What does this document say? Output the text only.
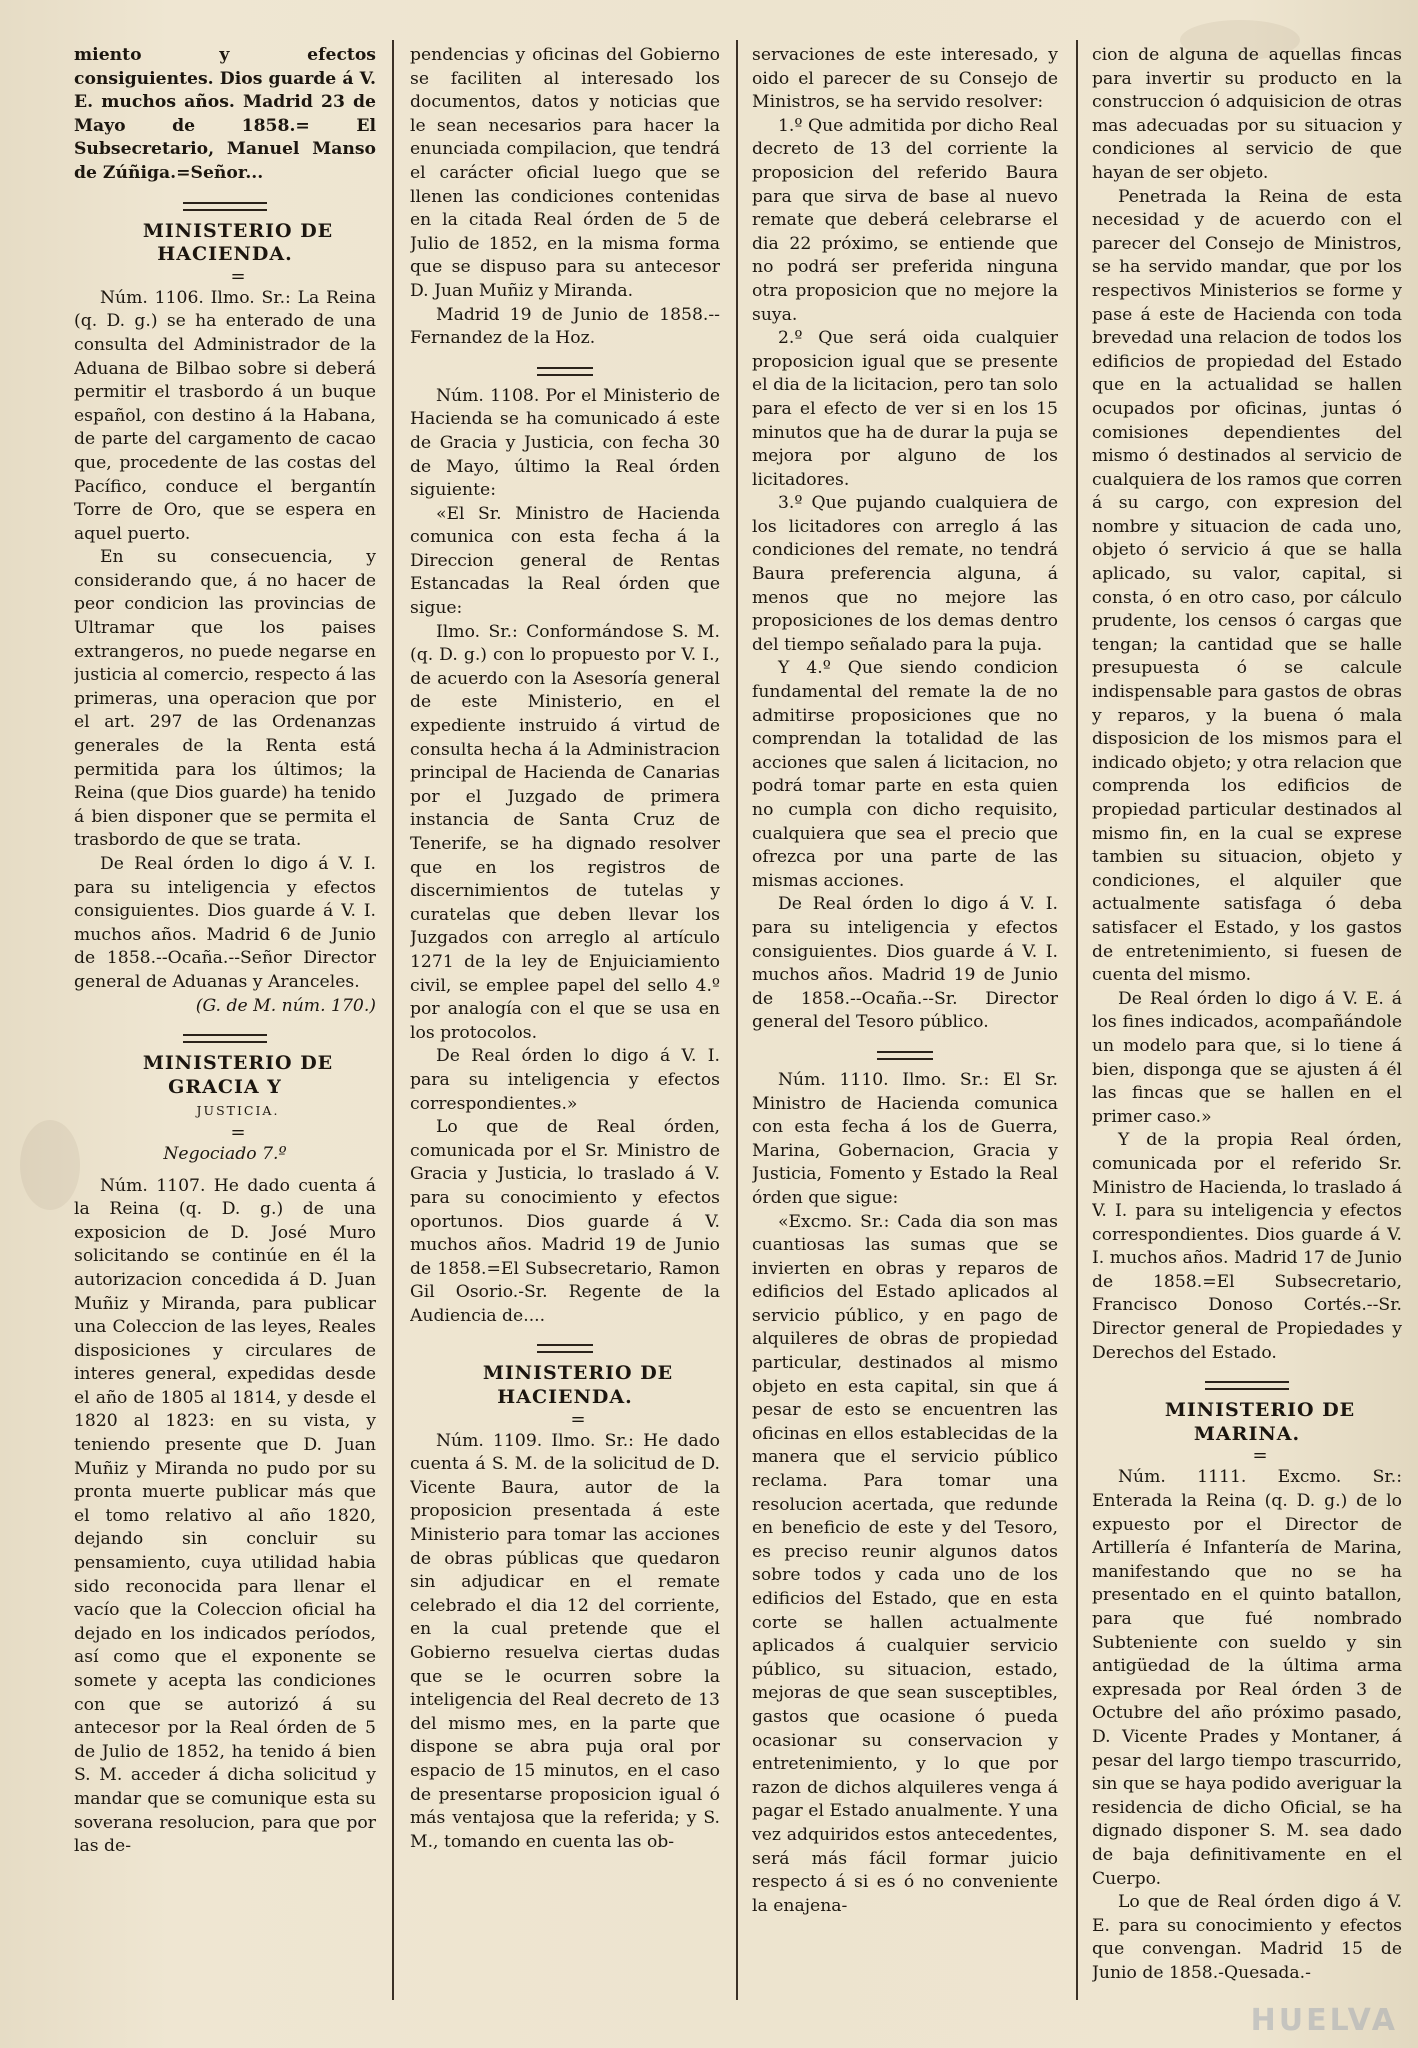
miento y efectos consiguientes. Dios guarde á V. E. muchos años. Madrid 23 de Mayo de 1858.= El Subsecretario, Manuel Manso de Zúñiga.=Señor...

MINISTERIO DE HACIENDA.

=

Núm. 1106. Ilmo. Sr.: La Reina (q. D. g.) se ha enterado de una consulta del Administrador de la Aduana de Bilbao sobre si deberá permitir el trasbordo á un buque español, con destino á la Habana, de parte del cargamento de cacao que, procedente de las costas del Pacífico, conduce el bergantín Torre de Oro, que se espera en aquel puerto.

En su consecuencia, y considerando que, á no hacer de peor condicion las provincias de Ultramar que los paises extrangeros, no puede negarse en justicia al comercio, respecto á las primeras, una operacion que por el art. 297 de las Ordenanzas generales de la Renta está permitida para los últimos; la Reina (que Dios guarde) ha tenido á bien disponer que se permita el trasbordo de que se trata.

De Real órden lo digo á V. I. para su inteligencia y efectos consiguientes. Dios guarde á V. I. muchos años. Madrid 6 de Junio de 1858.--Ocaña.--Señor Director general de Aduanas y Aranceles.

(G. de M. núm. 170.)

MINISTERIO DE GRACIA Y

JUSTICIA.

=

Negociado 7.º

Núm. 1107. He dado cuenta á la Reina (q. D. g.) de una exposicion de D. José Muro solicitando se continúe en él la autorizacion concedida á D. Juan Muñiz y Miranda, para publicar una Coleccion de las leyes, Reales disposiciones y circulares de interes general, expedidas desde el año de 1805 al 1814, y desde el 1820 al 1823: en su vista, y teniendo presente que D. Juan Muñiz y Miranda no pudo por su pronta muerte publicar más que el tomo relativo al año 1820, dejando sin concluir su pensamiento, cuya utilidad habia sido reconocida para llenar el vacío que la Coleccion oficial ha dejado en los indicados períodos, así como que el exponente se somete y acepta las condiciones con que se autorizó á su antecesor por la Real órden de 5 de Julio de 1852, ha tenido á bien S. M. acceder á dicha solicitud y mandar que se comunique esta su soverana resolucion, para que por las de-

pendencias y oficinas del Gobierno se faciliten al interesado los documentos, datos y noticias que le sean necesarios para hacer la enunciada compilacion, que tendrá el carácter oficial luego que se llenen las condiciones contenidas en la citada Real órden de 5 de Julio de 1852, en la misma forma que se dispuso para su antecesor D. Juan Muñiz y Miranda.

Madrid 19 de Junio de 1858.--Fernandez de la Hoz.

Núm. 1108. Por el Ministerio de Hacienda se ha comunicado á este de Gracia y Justicia, con fecha 30 de Mayo, último la Real órden siguiente:

«El Sr. Ministro de Hacienda comunica con esta fecha á la Direccion general de Rentas Estancadas la Real órden que sigue:

Ilmo. Sr.: Conformándose S. M. (q. D. g.) con lo propuesto por V. I., de acuerdo con la Asesoría general de este Ministerio, en el expediente instruido á virtud de consulta hecha á la Administracion principal de Hacienda de Canarias por el Juzgado de primera instancia de Santa Cruz de Tenerife, se ha dignado resolver que en los registros de discernimientos de tutelas y curatelas que deben llevar los Juzgados con arreglo al artículo 1271 de la ley de Enjuiciamiento civil, se emplee papel del sello 4.º por analogía con el que se usa en los protocolos.

De Real órden lo digo á V. I. para su inteligencia y efectos correspondientes.»

Lo que de Real órden, comunicada por el Sr. Ministro de Gracia y Justicia, lo traslado á V. para su conocimiento y efectos oportunos. Dios guarde á V. muchos años. Madrid 19 de Junio de 1858.=El Subsecretario, Ramon Gil Osorio.-Sr. Regente de la Audiencia de....

MINISTERIO DE HACIENDA.

=

Núm. 1109. Ilmo. Sr.: He dado cuenta á S. M. de la solicitud de D. Vicente Baura, autor de la proposicion presentada á este Ministerio para tomar las acciones de obras públicas que quedaron sin adjudicar en el remate celebrado el dia 12 del corriente, en la cual pretende que el Gobierno resuelva ciertas dudas que se le ocurren sobre la inteligencia del Real decreto de 13 del mismo mes, en la parte que dispone se abra puja oral por espacio de 15 minutos, en el caso de presentarse proposicion igual ó más ventajosa que la referida; y S. M., tomando en cuenta las ob-

servaciones de este interesado, y oido el parecer de su Consejo de Ministros, se ha servido resolver:

1.º Que admitida por dicho Real decreto de 13 del corriente la proposicion del referido Baura para que sirva de base al nuevo remate que deberá celebrarse el dia 22 próximo, se entiende que no podrá ser preferida ninguna otra proposicion que no mejore la suya.

2.º Que será oida cualquier proposicion igual que se presente el dia de la licitacion, pero tan solo para el efecto de ver si en los 15 minutos que ha de durar la puja se mejora por alguno de los licitadores.

3.º Que pujando cualquiera de los licitadores con arreglo á las condiciones del remate, no tendrá Baura preferencia alguna, á menos que no mejore las proposiciones de los demas dentro del tiempo señalado para la puja.

Y 4.º Que siendo condicion fundamental del remate la de no admitirse proposiciones que no comprendan la totalidad de las acciones que salen á licitacion, no podrá tomar parte en esta quien no cumpla con dicho requisito, cualquiera que sea el precio que ofrezca por una parte de las mismas acciones.

De Real órden lo digo á V. I. para su inteligencia y efectos consiguientes. Dios guarde á V. I. muchos años. Madrid 19 de Junio de 1858.--Ocaña.--Sr. Director general del Tesoro público.

Núm. 1110. Ilmo. Sr.: El Sr. Ministro de Hacienda comunica con esta fecha á los de Guerra, Marina, Gobernacion, Gracia y Justicia, Fomento y Estado la Real órden que sigue:

«Excmo. Sr.: Cada dia son mas cuantiosas las sumas que se invierten en obras y reparos de edificios del Estado aplicados al servicio público, y en pago de alquileres de obras de propiedad particular, destinados al mismo objeto en esta capital, sin que á pesar de esto se encuentren las oficinas en ellos establecidas de la manera que el servicio público reclama. Para tomar una resolucion acertada, que redunde en beneficio de este y del Tesoro, es preciso reunir algunos datos sobre todos y cada uno de los edificios del Estado, que en esta corte se hallen actualmente aplicados á cualquier servicio público, su situacion, estado, mejoras de que sean susceptibles, gastos que ocasione ó pueda ocasionar su conservacion y entretenimiento, y lo que por razon de dichos alquileres venga á pagar el Estado anualmente. Y una vez adquiridos estos antecedentes, será más fácil formar juicio respecto á si es ó no conveniente la enajena-

cion de alguna de aquellas fincas para invertir su producto en la construccion ó adquisicion de otras mas adecuadas por su situacion y condiciones al servicio de que hayan de ser objeto.

Penetrada la Reina de esta necesidad y de acuerdo con el parecer del Consejo de Ministros, se ha servido mandar, que por los respectivos Ministerios se forme y pase á este de Hacienda con toda brevedad una relacion de todos los edificios de propiedad del Estado que en la actualidad se hallen ocupados por oficinas, juntas ó comisiones dependientes del mismo ó destinados al servicio de cualquiera de los ramos que corren á su cargo, con expresion del nombre y situacion de cada uno, objeto ó servicio á que se halla aplicado, su valor, capital, si consta, ó en otro caso, por cálculo prudente, los censos ó cargas que tengan; la cantidad que se halle presupuesta ó se calcule indispensable para gastos de obras y reparos, y la buena ó mala disposicion de los mismos para el indicado objeto; y otra relacion que comprenda los edificios de propiedad particular destinados al mismo fin, en la cual se exprese tambien su situacion, objeto y condiciones, el alquiler que actualmente satisfaga ó deba satisfacer el Estado, y los gastos de entretenimiento, si fuesen de cuenta del mismo.

De Real órden lo digo á V. E. á los fines indicados, acompañándole un modelo para que, si lo tiene á bien, disponga que se ajusten á él las fincas que se hallen en el primer caso.»

Y de la propia Real órden, comunicada por el referido Sr. Ministro de Hacienda, lo traslado á V. I. para su inteligencia y efectos correspondientes. Dios guarde á V. I. muchos años. Madrid 17 de Junio de 1858.=El Subsecretario, Francisco Donoso Cortés.--Sr. Director general de Propiedades y Derechos del Estado.

MINISTERIO DE MARINA.

=

Núm. 1111. Excmo. Sr.: Enterada la Reina (q. D. g.) de lo expuesto por el Director de Artillería é Infantería de Marina, manifestando que no se ha presentado en el quinto batallon, para que fué nombrado Subteniente con sueldo y sin antigüedad de la última arma expresada por Real órden 3 de Octubre del año próximo pasado, D. Vicente Prades y Montaner, á pesar del largo tiempo trascurrido, sin que se haya podido averiguar la residencia de dicho Oficial, se ha dignado disponer S. M. sea dado de baja definitivamente en el Cuerpo.

Lo que de Real órden digo á V. E. para su conocimiento y efectos que convengan. Madrid 15 de Junio de 1858.-Quesada.-

HUELVA
